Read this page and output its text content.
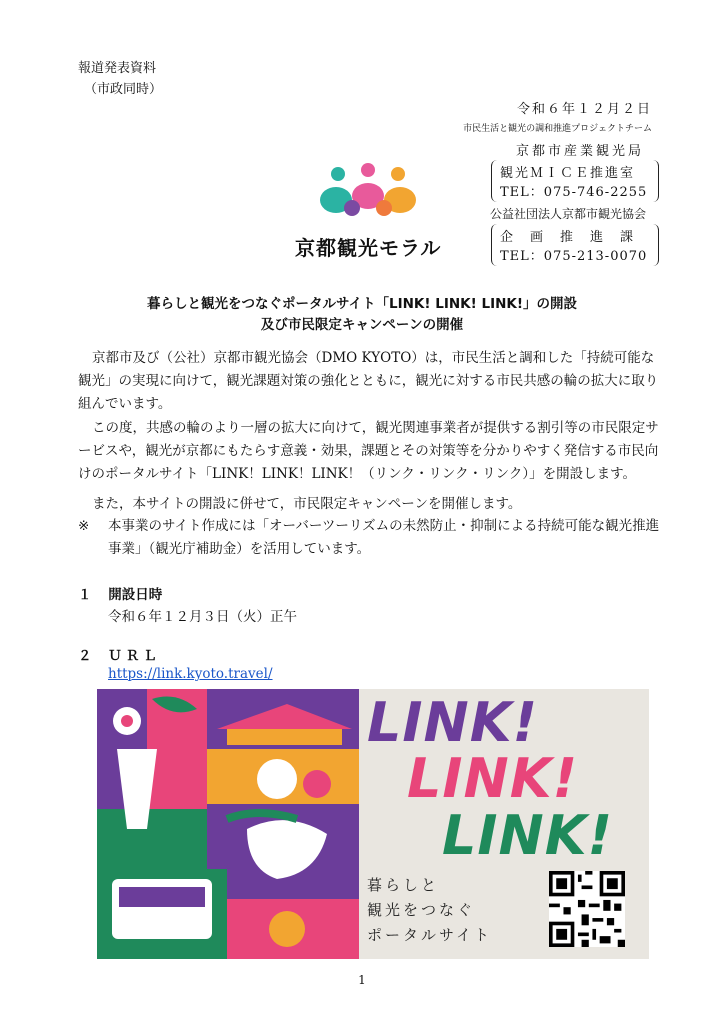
報道発表資料
（市政同時）
令和６年１２月２日
市民生活と観光の調和推進プロジェクトチーム
京都市産業観光局
観光ＭＩＣＥ推進室
TEL：075-746-2255
公益社団法人京都市観光協会
企　画　推　進　課
TEL：075-213-0070
京都観光モラル
暮らしと観光をつなぐポータルサイト「LINK! LINK! LINK!」の開設
及び市民限定キャンペーンの開催
京都市及び（公社）京都市観光協会（DMO KYOTO）は，市民生活と調和した「持続可能な観光」の実現に向けて，観光課題対策の強化とともに，観光に対する市民共感の輪の拡大に取り組んでいます。
この度，共感の輪のより一層の拡大に向けて，観光関連事業者が提供する割引等の市民限定サービスや，観光が京都にもたらす意義・効果，課題とその対策等を分かりやすく発信する市民向けのポータルサイト「LINK！LINK！LINK！（リンク・リンク・リンク）」を開設します。
また，本サイトの開設に併せて，市民限定キャンペーンを開催します。
※	本事業のサイト作成には「オーバーツーリズムの未然防止・抑制による持続可能な観光推進事業」（観光庁補助金）を活用しています。
１ 開設日時
令和６年１２月３日（火）正午
２ ＵＲＬ
https://link.kyoto.travel/
LINK!
LINK!
LINK!
暮らしと
観光をつなぐ
ポータルサイト
1
